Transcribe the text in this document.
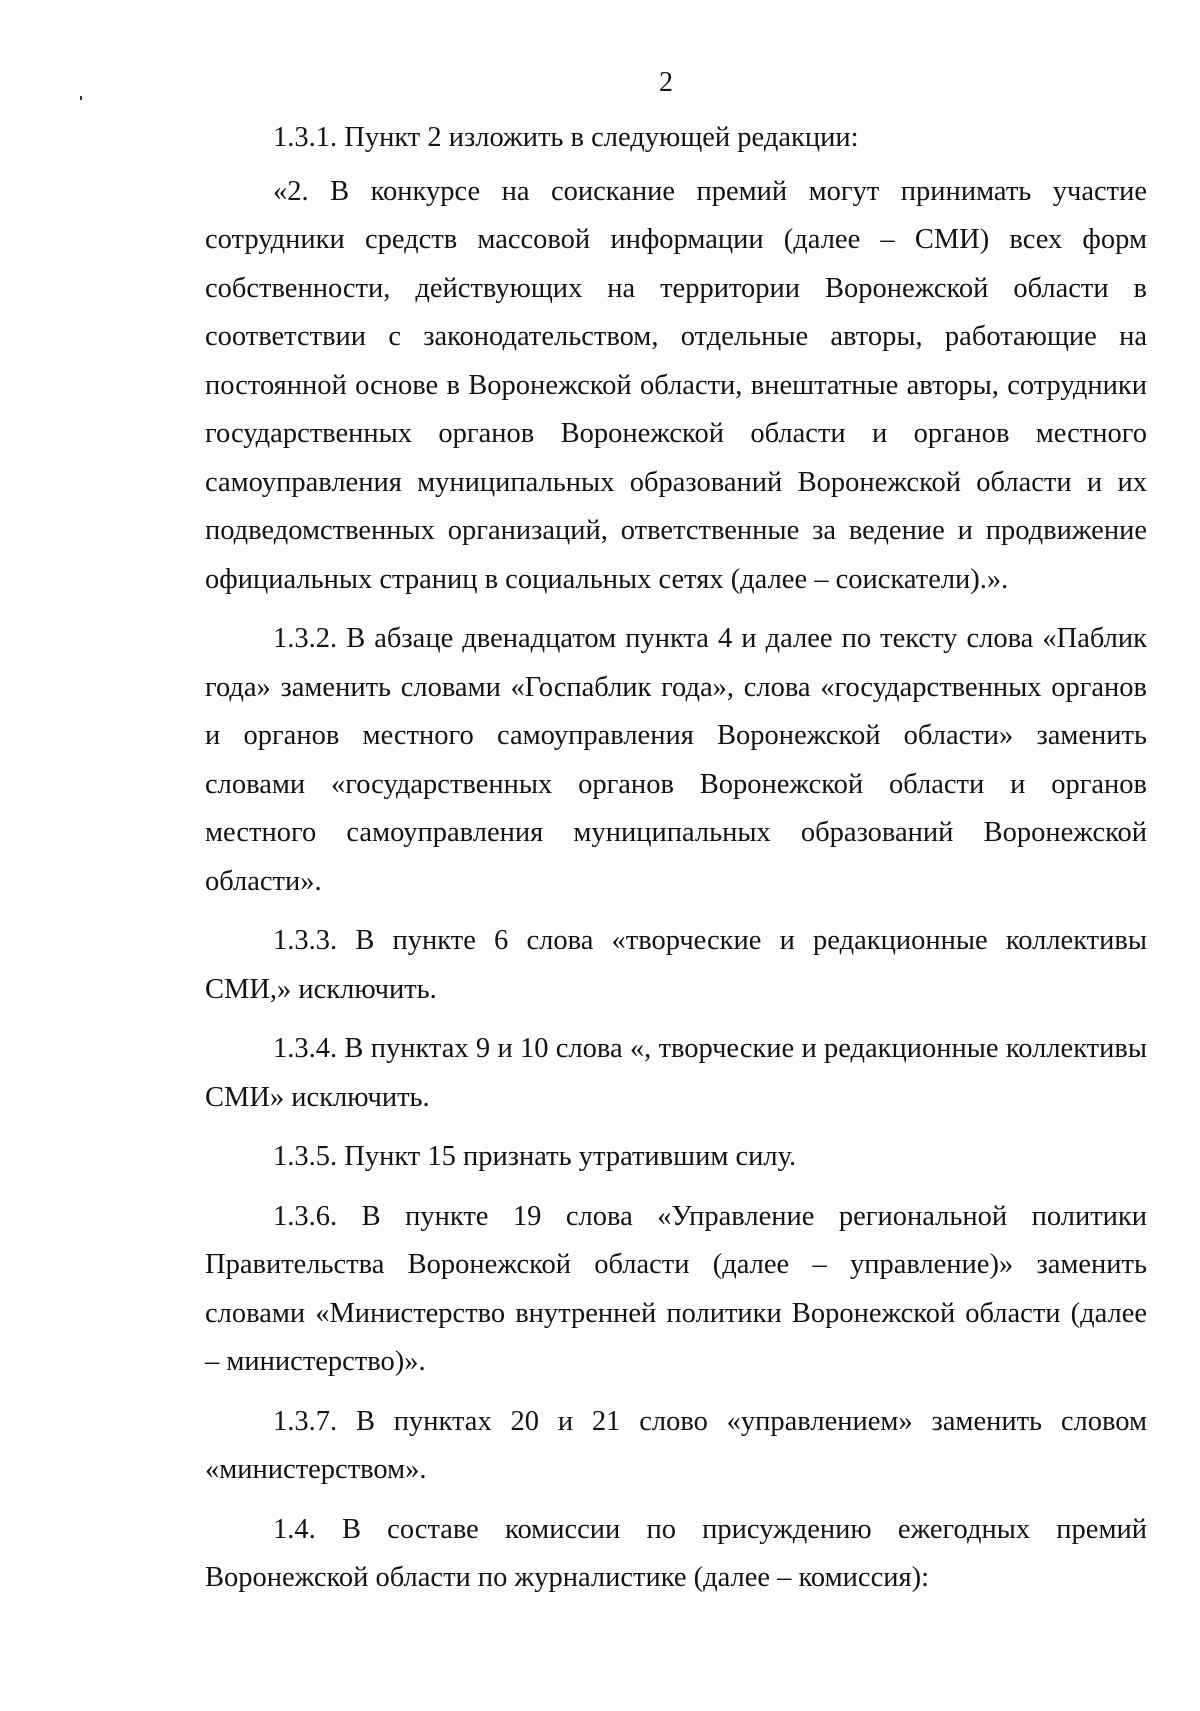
2

1.3.1. Пункт 2 изложить в следующей редакции:

«2. В конкурсе на соискание премий могут принимать участие сотрудники средств массовой информации (далее – СМИ) всех форм собственности, действующих на территории Воронежской области в соответствии с законодательством, отдельные авторы, работающие на постоянной основе в Воронежской области, внештатные авторы, сотрудники государственных органов Воронежской области и органов местного самоуправления муниципальных образований Воронежской области и их подведомственных организаций, ответственные за ведение и продвижение официальных страниц в социальных сетях (далее – соискатели).».

1.3.2. В абзаце двенадцатом пункта 4 и далее по тексту слова «Паблик года» заменить словами «Госпаблик года», слова «государственных органов и органов местного самоуправления Воронежской области» заменить словами «государственных органов Воронежской области и органов местного самоуправления муниципальных образований Воронежской области».

1.3.3. В пункте 6 слова «творческие и редакционные коллективы СМИ,» исключить.

1.3.4. В пунктах 9 и 10 слова «, творческие и редакционные коллективы СМИ» исключить.

1.3.5. Пункт 15 признать утратившим силу.

1.3.6. В пункте 19 слова «Управление региональной политики Правительства Воронежской области (далее – управление)» заменить словами «Министерство внутренней политики Воронежской области (далее – министерство)».

1.3.7. В пунктах 20 и 21 слово «управлением» заменить словом «министерством».

1.4. В составе комиссии по присуждению ежегодных премий Воронежской области по журналистике (далее – комиссия):
